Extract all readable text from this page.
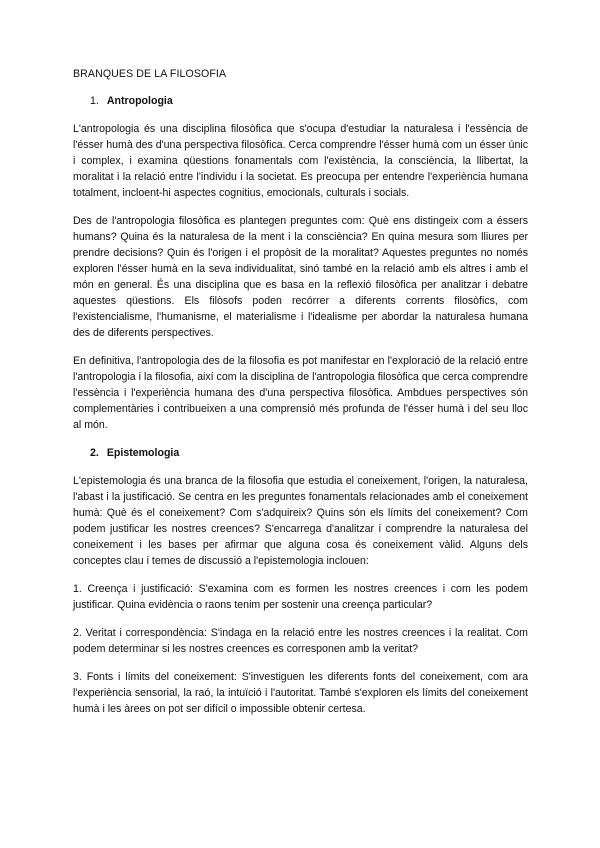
BRANQUES DE LA FILOSOFIA
1. Antropologia

L'antropologia és una disciplina filosòfica que s'ocupa d'estudiar la naturalesa i l'essència de l'ésser humà des d'una perspectiva filosòfica. Cerca comprendre l'ésser humà com un ésser únic i complex, i examina qüestions fonamentals com l'existència, la consciència, la llibertat, la moralitat i la relació entre l'individu i la societat. Es preocupa per entendre l'experiència humana totalment, incloent-hi aspectes cognitius, emocionals, culturals i socials.

Des de l'antropologia filosòfica es plantegen preguntes com: Què ens distingeix com a éssers humans? Quina és la naturalesa de la ment i la consciència? En quina mesura som lliures per prendre decisions? Quin és l'origen i el propòsit de la moralitat? Aquestes preguntes no només exploren l'ésser humà en la seva individualitat, sinó també en la relació amb els altres i amb el món en general. És una disciplina que es basa en la reflexió filosòfica per analitzar i debatre aquestes qüestions. Els filòsofs poden recórrer a diferents corrents filosòfics, com l'existencialisme, l'humanisme, el materialisme i l'idealisme per abordar la naturalesa humana des de diferents perspectives.

En definitiva, l'antropologia des de la filosofia es pot manifestar en l'exploració de la relació entre l'antropologia i la filosofia, així com la disciplina de l'antropologia filosòfica que cerca comprendre l'essència i l'experiència humana des d'una perspectiva filosòfica. Ambdues perspectives són complementàries i contribueixen a una comprensió més profunda de l'ésser humà i del seu lloc al món.

2. Epistemologia

L'epistemologia és una branca de la filosofia que estudia el coneixement, l'origen, la naturalesa, l'abast i la justificació. Se centra en les preguntes fonamentals relacionades amb el coneixement humà: Què és el coneixement? Com s'adquireix? Quins són els límits del coneixement? Com podem justificar les nostres creences? S'encarrega d'analitzar i comprendre la naturalesa del coneixement i les bases per afirmar que alguna cosa és coneixement vàlid. Alguns dels conceptes clau i temes de discussió a l'epistemologia inclouen:

1. Creença i justificació: S'examina com es formen les nostres creences i com les podem justificar. Quina evidència o raons tenim per sostenir una creença particular?

2. Veritat i correspondència: S'indaga en la relació entre les nostres creences i la realitat. Com podem determinar si les nostres creences es corresponen amb la veritat?

3. Fonts i límits del coneixement: S'investiguen les diferents fonts del coneixement, com ara l'experiència sensorial, la raó, la intuïció i l'autoritat. També s'exploren els límits del coneixement humà i les àrees on pot ser difícil o impossible obtenir certesa.
